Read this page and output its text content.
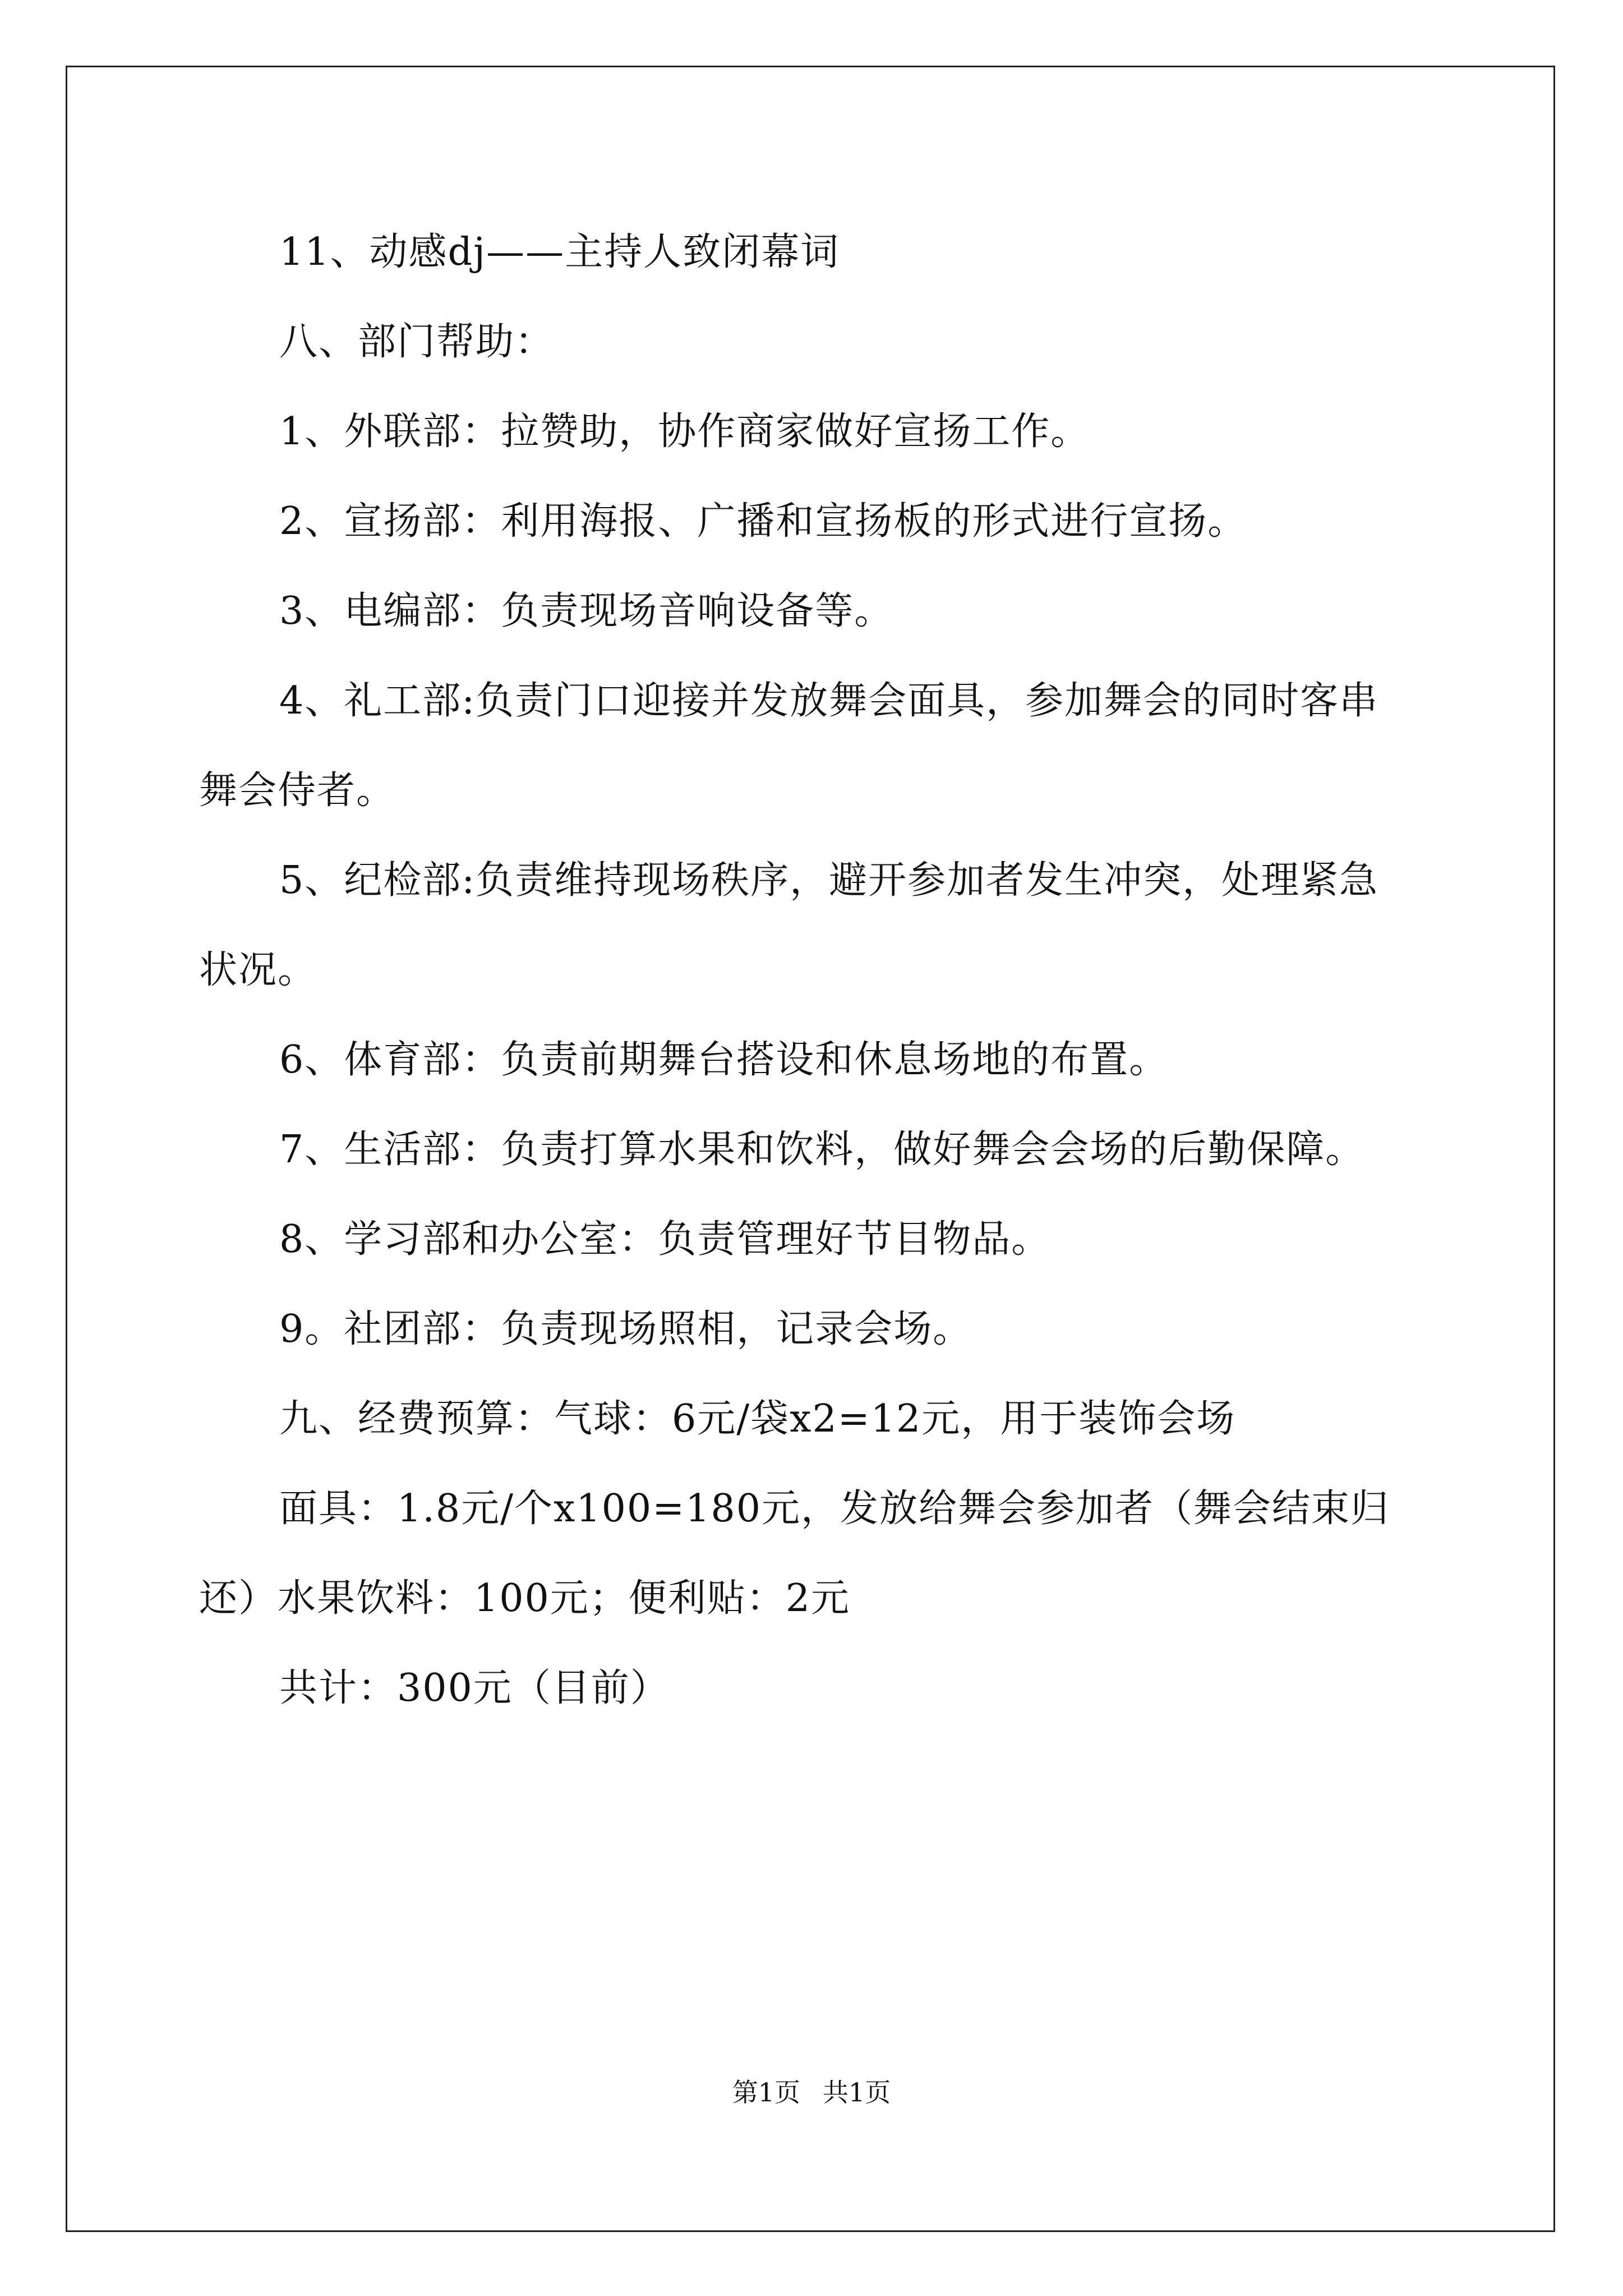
11、动感dj——主持人致闭幕词
八、部门帮助：
1、外联部：拉赞助，协作商家做好宣扬工作。
2、宣扬部：利用海报、广播和宣扬板的形式进行宣扬。
3、电编部：负责现场音响设备等。
4、礼工部:负责门口迎接并发放舞会面具，参加舞会的同时客串
舞会侍者。
5、纪检部:负责维持现场秩序，避开参加者发生冲突，处理紧急
状况。
6、体育部：负责前期舞台搭设和休息场地的布置。
7、生活部：负责打算水果和饮料，做好舞会会场的后勤保障。
8、学习部和办公室：负责管理好节目物品。
9。社团部：负责现场照相，记录会场。
九、经费预算：气球：6元/袋x2=12元，用于装饰会场
面具：1.8元/个x100=180元，发放给舞会参加者（舞会结束归
还）水果饮料：100元；便利贴：2元
共计：300元（目前）
第1页 共1页
